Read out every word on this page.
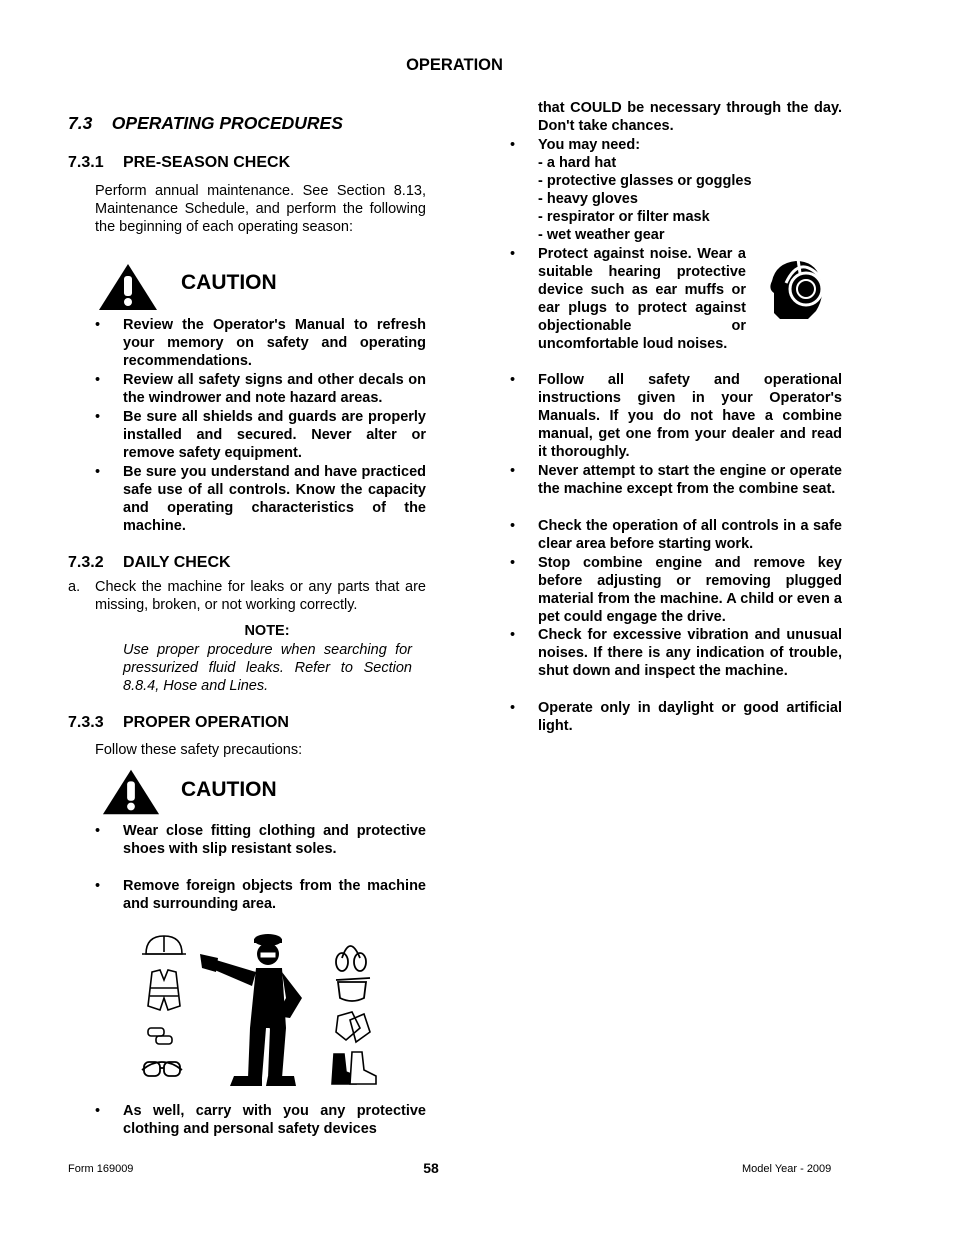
OPERATION
7.3 OPERATING PROCEDURES
7.3.1 PRE-SEASON CHECK
Perform annual maintenance. See Section 8.13, Maintenance Schedule, and perform the following the beginning of each operating season:
CAUTION
• Review the Operator's Manual to refresh your memory on safety and operating recommendations.
• Review all safety signs and other decals on the windrower and note hazard areas.
• Be sure all shields and guards are properly installed and secured. Never alter or remove safety equipment.
• Be sure you understand and have practiced safe use of all controls. Know the capacity and operating characteristics of the machine.
7.3.2 DAILY CHECK
a. Check the machine for leaks or any parts that are missing, broken, or not working correctly.
NOTE:
Use proper procedure when searching for pressurized fluid leaks. Refer to Section 8.8.4, Hose and Lines.
7.3.3 PROPER OPERATION
Follow these safety precautions:
CAUTION
• Wear close fitting clothing and protective shoes with slip resistant soles.
• Remove foreign objects from the machine and surrounding area.
• As well, carry with you any protective clothing and personal safety devices
that COULD be necessary through the day. Don't take chances.
• You may need:
- a hard hat
- protective glasses or goggles
- heavy gloves
- respirator or filter mask
- wet weather gear
• Protect against noise. Wear a suitable hearing protective device such as ear muffs or ear plugs to protect against objectionable or uncomfortable loud noises.
• Follow all safety and operational instructions given in your Operator's Manuals. If you do not have a combine manual, get one from your dealer and read it thoroughly.
• Never attempt to start the engine or operate the machine except from the combine seat.
• Check the operation of all controls in a safe clear area before starting work.
• Stop combine engine and remove key before adjusting or removing plugged material from the machine. A child or even a pet could engage the drive.
• Check for excessive vibration and unusual noises. If there is any indication of trouble, shut down and inspect the machine.
• Operate only in daylight or good artificial light.
Form 169009	58	Model Year - 2009
